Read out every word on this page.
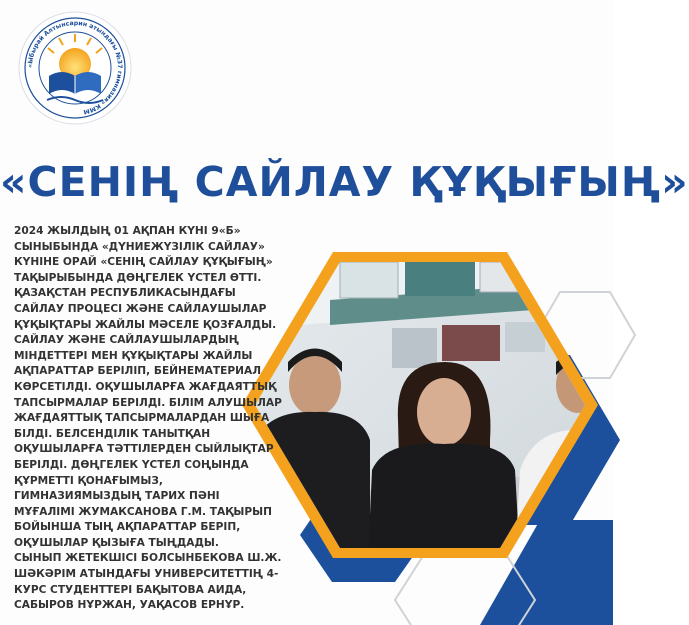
«Ыбырай Алтынсарин атындағы №37 гимназия» КММ
«СЕНІҢ САЙЛАУ ҚҰҚЫҒЫҢ»
2024 ЖЫЛДЫҢ 01 АҚПАН КҮНІ 9«Б»
СЫНЫБЫНДА «ДҮНИЕЖҮЗІЛІК САЙЛАУ»
КҮНІНЕ ОРАЙ «СЕНІҢ САЙЛАУ ҚҰҚЫҒЫҢ»
ТАҚЫРЫБЫНДА ДӨҢГЕЛЕК ҮСТЕЛ ӨТТІ.
ҚАЗАҚСТАН РЕСПУБЛИКАСЫНДАҒЫ
САЙЛАУ ПРОЦЕСІ ЖӘНЕ САЙЛАУШЫЛАР
ҚҰҚЫҚТАРЫ ЖАЙЛЫ МӘСЕЛЕ ҚОЗҒАЛДЫ.
САЙЛАУ ЖӘНЕ САЙЛАУШЫЛАРДЫҢ
МІНДЕТТЕРІ МЕН ҚҰҚЫҚТАРЫ ЖАЙЛЫ
АҚПАРАТТАР БЕРІЛІП, БЕЙНЕМАТЕРИАЛ
КӨРСЕТІЛДІ. ОҚУШЫЛАРҒА ЖАҒДАЯТТЫҚ
ТАПСЫРМАЛАР БЕРІЛДІ. БІЛІМ АЛУШЫЛАР
ЖАҒДАЯТТЫҚ ТАПСЫРМАЛАРДАН ШЫҒА
БІЛДІ. БЕЛСЕНДІЛІК ТАНЫТҚАН
ОҚУШЫЛАРҒА ТӘТТІЛЕРДЕН СЫЙЛЫҚТАР
БЕРІЛДІ. ДӨҢГЕЛЕК ҮСТЕЛ СОҢЫНДА
ҚҰРМЕТТІ ҚОНАҒЫМЫЗ,
ГИМНАЗИЯМЫЗДЫҢ ТАРИХ ПӘНІ
МҰҒАЛІМІ ЖУМАКСАНОВА Г.М. ТАҚЫРЫП
БОЙЫНША ТЫҢ АҚПАРАТТАР БЕРІП,
ОҚУШЫЛАР ҚЫЗЫҒА ТЫҢДАДЫ.
СЫНЫП ЖЕТЕКШІСІ БОЛСЫНБЕКОВА Ш.Ж.
ШӘКӘРІМ АТЫНДАҒЫ УНИВЕРСИТЕТТІҢ 4-
КУРС СТУДЕНТТЕРІ БАҚЫТОВА АИДА,
САБЫРОВ НҰРЖАН, УАҚАСОВ ЕРНҰР.
